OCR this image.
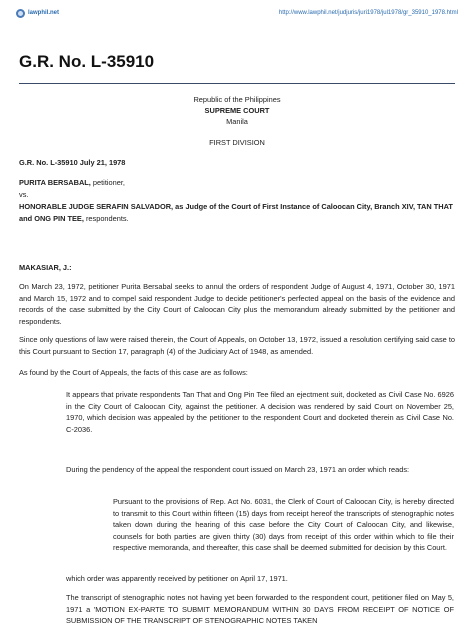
lawphil.net	http://www.lawphil.net/judjuris/juri1978/jul1978/gr_35910_1978.html
G.R. No. L-35910
Republic of the Philippines
SUPREME COURT
Manila
FIRST DIVISION
G.R. No. L-35910 July 21, 1978
PURITA BERSABAL, petitioner,
vs.
HONORABLE JUDGE SERAFIN SALVADOR, as Judge of the Court of First Instance of Caloocan City, Branch XIV, TAN THAT and ONG PIN TEE, respondents.
MAKASIAR, J.:

On March 23, 1972, petitioner Purita Bersabal seeks to annul the orders of respondent Judge of August 4, 1971, October 30, 1971 and March 15, 1972 and to compel said respondent Judge to decide petitioner's perfected appeal on the basis of the evidence and records of the case submitted by the City Court of Caloocan City plus the memorandum already submitted by the petitioner and respondents.

Since only questions of law were raised therein, the Court of Appeals, on October 13, 1972, issued a resolution certifying said case to this Court pursuant to Section 17, paragraph (4) of the Judiciary Act of 1948, as amended.

As found by the Court of Appeals, the facts of this case are as follows:

It appears that private respondents Tan That and Ong Pin Tee filed an ejectment suit, docketed as Civil Case No. 6926 in the City Court of Caloocan City, against the petitioner. A decision was rendered by said Court on November 25, 1970, which decision was appealed by the petitioner to the respondent Court and docketed therein as Civil Case No. C-2036.

During the pendency of the appeal the respondent court issued on March 23, 1971 an order which reads:

Pursuant to the provisions of Rep. Act No. 6031, the Clerk of Court of Caloocan City, is hereby directed to transmit to this Court within fifteen (15) days from receipt hereof the transcripts of stenographic notes taken down during the hearing of this case before the City Court of Caloocan City, and likewise, counsels for both parties are given thirty (30) days from receipt of this order within which to file their respective memoranda, and thereafter, this case shall be deemed submitted for decision by this Court.

which order was apparently received by petitioner on April 17, 1971.

The transcript of stenographic notes not having yet been forwarded to the respondent court, petitioner filed on May 5, 1971 a 'MOTION EX-PARTE TO SUBMIT MEMORANDUM WITHIN 30 DAYS FROM RECEIPT OF NOTICE OF SUBMISSION OF THE TRANSCRIPT OF STENOGRAPHIC NOTES TAKEN
